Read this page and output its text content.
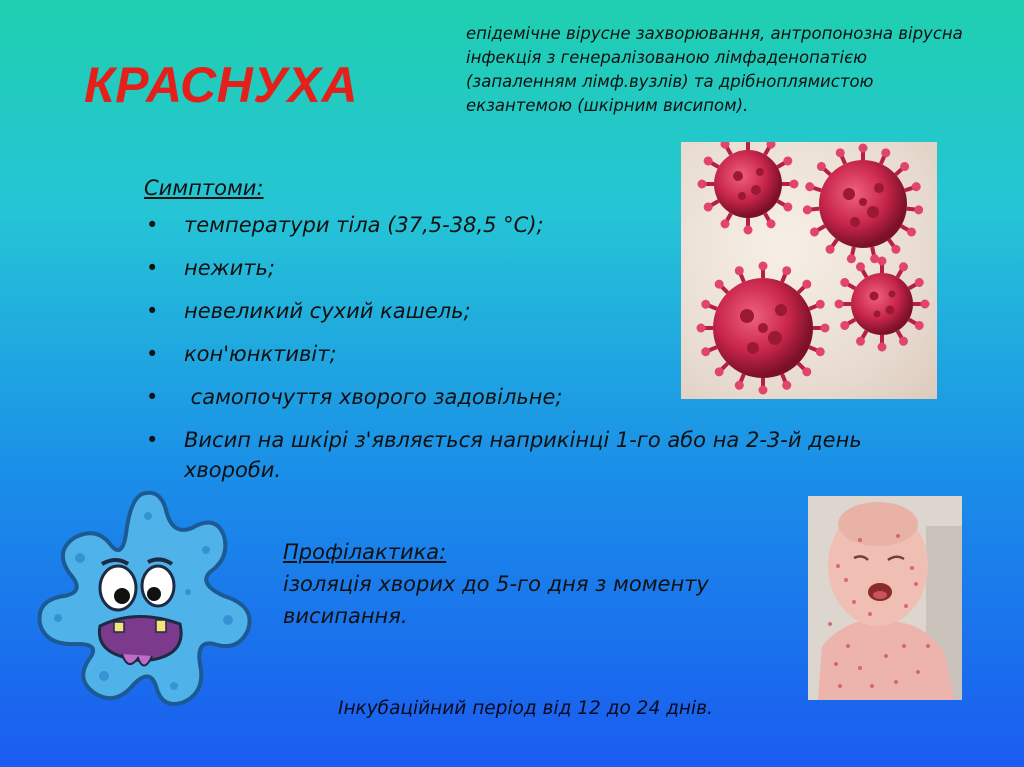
КРАСНУХА

епідемічне вірусне захворювання, антропонозна вірусна інфекція з генералізованою лімфаденопатією (запаленням лімф.вузлів) та дрібноплямистою екзантемою (шкірним висипом).

Симптоми:
• температури тіла (37,5-38,5 °С);
• нежить;
• невеликий сухий кашель;
• кон'юнктивіт;
• самопочуття хворого задовільне;
• Висип на шкірі з'являється наприкінці 1-го або на 2-3-й день хвороби.
Профілактика:
ізоляція хворих до 5-го дня з моменту висипання.

Інкубаційний період від 12 до 24 днів.
